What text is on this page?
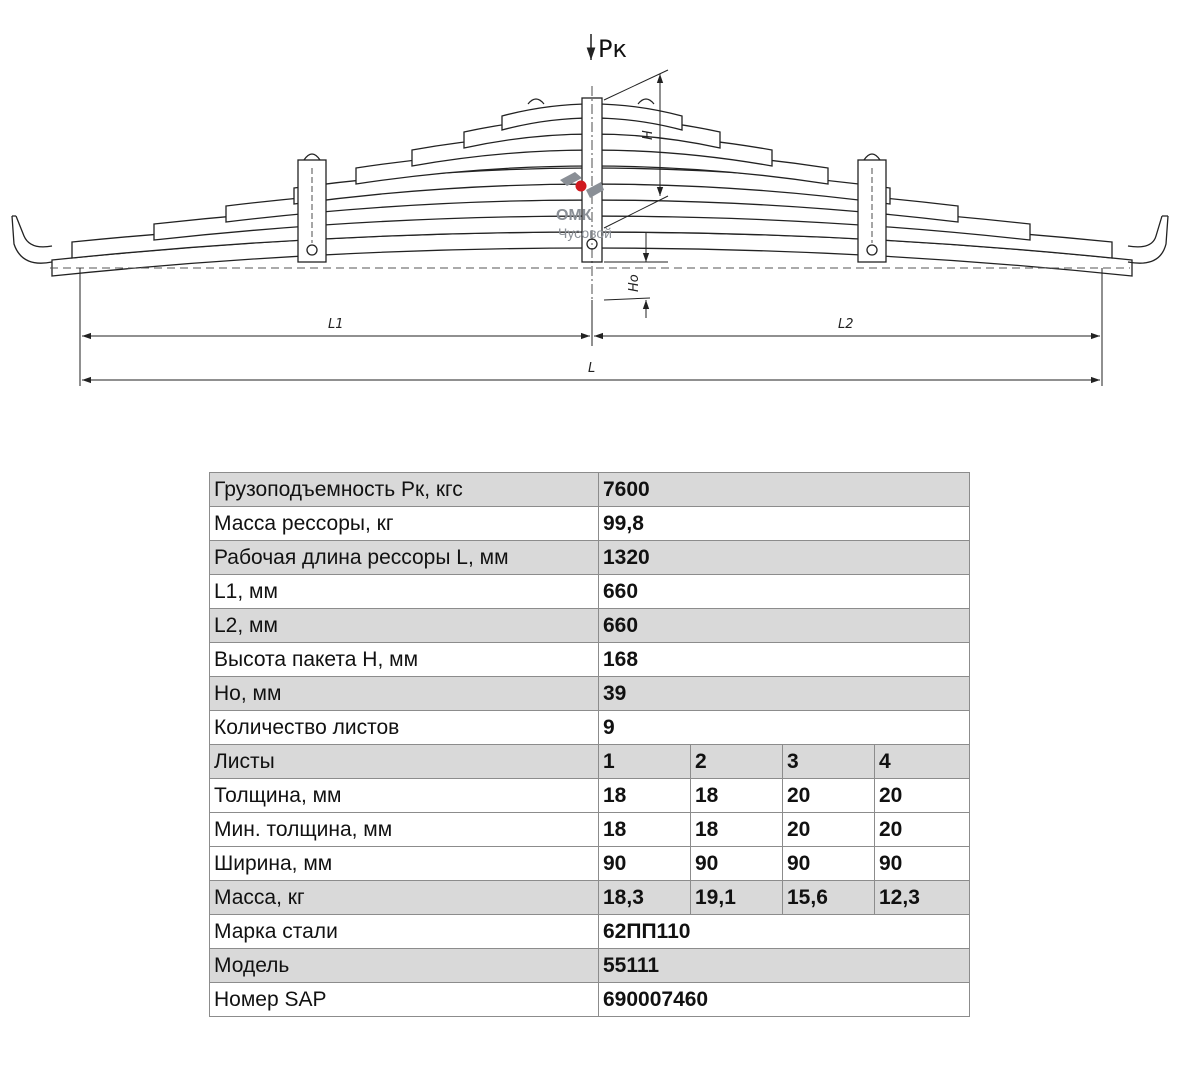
Рк
ОМК
Чусовой
H
Ho
L1	L2
L
Грузоподъемность Рк, кгс	7600			
Масса рессоры, кг	99,8			
Рабочая длина рессоры L, мм	1320			
L1, мм	660			
L2, мм	660			
Высота пакета H, мм	168			
Ho, мм	39			
Количество листов	9			
Листы	1	2	3	4
Толщина, мм	18	18	20	20
Мин. толщина, мм	18	18	20	20
Ширина, мм	90	90	90	90
Масса, кг	18,3	19,1	15,6	12,3
Марка стали	62ПП110			
Модель	55111			
Номер SAP	690007460			
